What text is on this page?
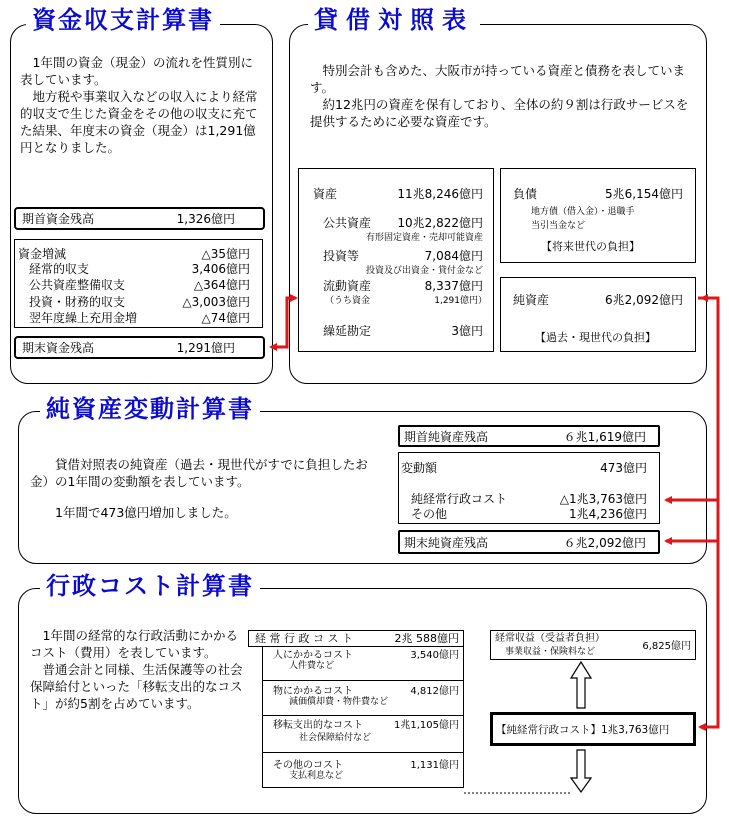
資金収支計算書
1年間の資金（現金）の流れを性質別に表しています。
地方税や事業収入などの収入により経常的収支で生じた資金をその他の収支に充てた結果、年度末の資金（現金）は1,291億円となりました。
期首資金残高	1,326億円
資金増減	△35億円
経常的収支	3,406億円
公共資産整備収支	△364億円
投資・財務的収支	△3,003億円
翌年度繰上充用金増	△74億円
期末資金残高	1,291億円
貸借対照表
特別会計も含めた、大阪市が持っている資産と債務を表しています。
約12兆円の資産を保有しており、全体の約９割は行政サービスを提供するために必要な資産です。
資産	11兆8,246億円
公共資産 10兆2,822億円
有形固定資産・売却可能資産
投資等	7,084億円
投資及び出資金・貸付金など
流動資産	8,337億円
（うち資金	1,291億円）
繰延勘定	3億円
負債	5兆6,154億円
地方債（借入金）・退職手当引当金など
【将来世代の負担】
純資産	6兆2,092億円
【過去・現世代の負担】
純資産変動計算書
貸借対照表の純資産（過去・現世代がすでに負担したお金）の1年間の変動額を表しています。
1年間で473億円増加しました。
期首純資産残高	６兆1,619億円
変動額	473億円
純経常行政コスト	△1兆3,763億円
その他	1兆4,236億円
期末純資産残高	６兆2,092億円
行政コスト計算書
1年間の経常的な行政活動にかかるコスト（費用）を表しています。
普通会計と同様、生活保護等の社会保障給付といった「移転支出的なコスト」が約5割を占めています。
経 常 行 政 コ ス ト	2兆 588億円
人にかかるコスト	3,540億円
人件費など
物にかかるコスト	4,812億円
減価償却費・物件費など
移転支出的なコスト	1兆1,105億円
社会保障給付など
その他のコスト	1,131億円
支払利息など
経常収益（受益者負担）
6,825億円
事業収益・保険料など
【純経常行政コスト】1兆3,763億円
